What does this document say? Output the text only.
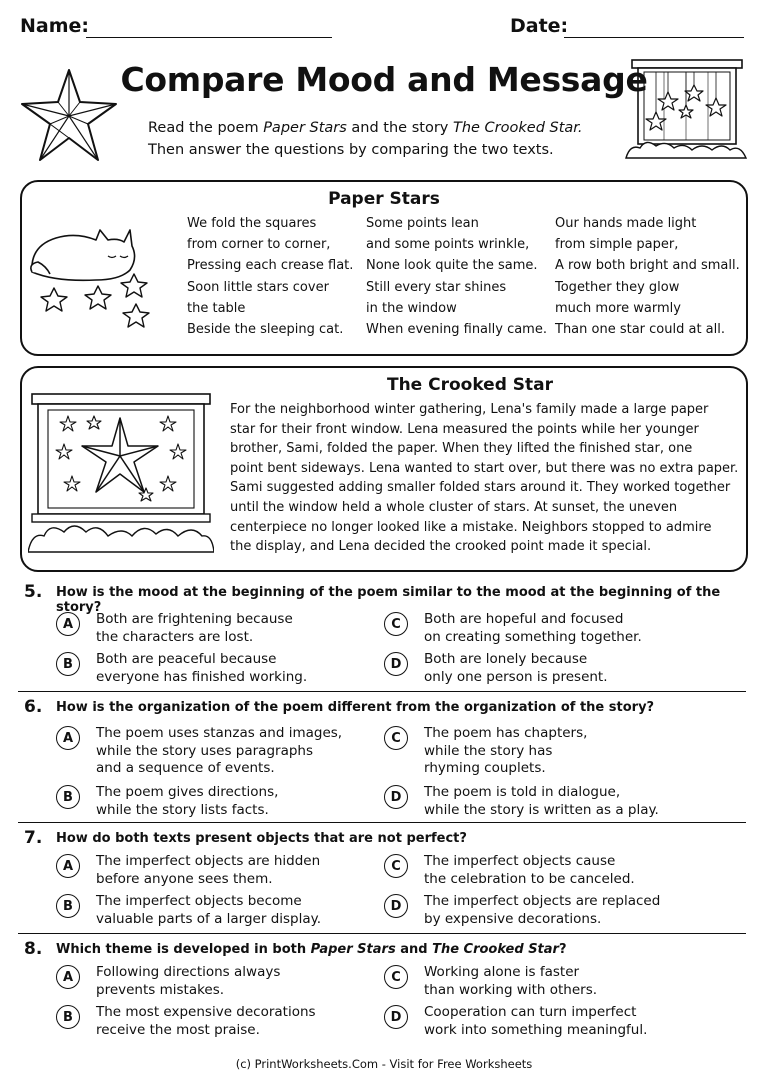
Name:	Date:
Compare Mood and Message
Read the poem Paper Stars and the story The Crooked Star.
Then answer the questions by comparing the two texts.
Paper Stars
We fold the squares
from corner to corner,
Pressing each crease flat.
Soon little stars cover
the table
Beside the sleeping cat.
Some points lean
and some points wrinkle,
None look quite the same.
Still every star shines
in the window
When evening finally came.
Our hands made light
from simple paper,
A row both bright and small.
Together they glow
much more warmly
Than one star could at all.
The Crooked Star
For the neighborhood winter gathering, Lena's family made a large paper
star for their front window. Lena measured the points while her younger
brother, Sami, folded the paper. When they lifted the finished star, one
point bent sideways. Lena wanted to start over, but there was no extra paper.
Sami suggested adding smaller folded stars around it. They worked together
until the window held a whole cluster of stars. At sunset, the uneven
centerpiece no longer looked like a mistake. Neighbors stopped to admire
the display, and Lena decided the crooked point made it special.
5. How is the mood at the beginning of the poem similar to the mood at the beginning of the story?
A	Both are frightening because
the characters are lost.
C	Both are hopeful and focused
on creating something together.
B	Both are peaceful because
everyone has finished working.
D	Both are lonely because
only one person is present.
6. How is the organization of the poem different from the organization of the story?
A	The poem uses stanzas and images,
while the story uses paragraphs
and a sequence of events.
C	The poem has chapters,
while the story has
rhyming couplets.
B	The poem gives directions,
while the story lists facts.
D	The poem is told in dialogue,
while the story is written as a play.
7. How do both texts present objects that are not perfect?
A	The imperfect objects are hidden
before anyone sees them.
C	The imperfect objects cause
the celebration to be canceled.
B	The imperfect objects become
valuable parts of a larger display.
D	The imperfect objects are replaced
by expensive decorations.
8. Which theme is developed in both Paper Stars and The Crooked Star?
A	Following directions always
prevents mistakes.
C	Working alone is faster
than working with others.
B	The most expensive decorations
receive the most praise.
D	Cooperation can turn imperfect
work into something meaningful.
(c) PrintWorksheets.Com - Visit for Free Worksheets
